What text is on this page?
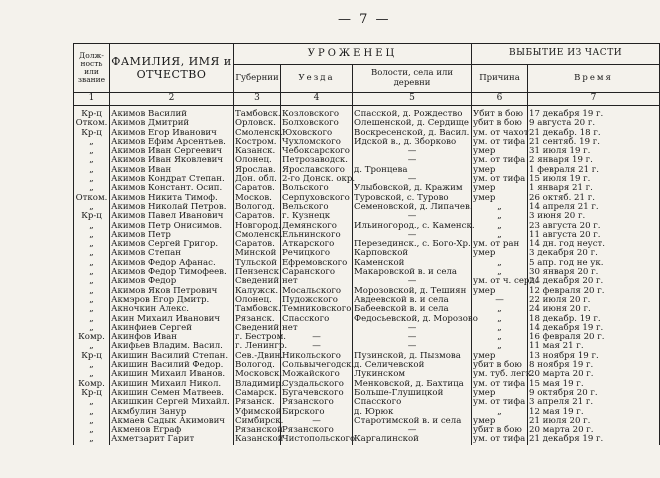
— 7 —
Долж-ность или звание	ФАМИЛИЯ, ИМЯ и ОТЧЕСТВО	УРОЖЕНЕЦ			ВЫБЫТИЕ ИЗ ЧАСТИ	
		Губернии	Уезда	Волости, села или деревни	Причина	Время
1	2	3	4	5	6	7
Кр-ц	Акимов Василий	Тамбовск.	Козловского	Спасской, д. Рождество	Убит в бою	17 декабря 19 г.
Отком.	Акимов Дмитрий	Орловск.	Болховского	Олешенской, д. Сердище	убит в бою	9 августа 20 г.
Кр-ц	Акимов Егор Иванович	Смоленск.	Юховского	Воскресенской, д. Васил.	ум. от чахот	21 декабр. 18 г.
„	Акимов Ефим Арсентьев.	Костром.	Чухломского	Идской в., д. Зборково	ум. от тифа	21 сентяб. 19 г.
„	Акимов Иван Сергеевич	Казанск.	Чебоксарского	—	умер	31 июля 19 г.
„	Акимов Иван Яковлевич	Олонец.	Петрозаводск.	—	ум. от тифа	2 января 19 г.
„	Акимов Иван	Ярослав.	Ярославского	д. Тронцева	умер	1 февраля 21 г.
„	Акимов Кондрат Степан.	Дон. обл.	2-го Донск. окр.	—	ум. от тифа	15 июля 19 г.
„	Акимов Констант. Осип.	Саратов.	Вольского	Улыбовской, д. Кражим	умер	1 января 21 г.
Отком.	Акимов Никита Тимоф.	Москов.	Серпуховского	Туровской, с. Турово	умер	26 октяб. 21 г.
„	Акимов Николай Петров.	Вологод.	Вельского	Семеновской, д. Липачев.	„	14 апреля 21 г.
Кр-ц	Акимов Павел Иванович	Саратов.	г. Кузнецк	—	„	3 июня 20 г.
„	Акимов Петр Онисимов.	Новгород.	Демянского	Ильиногород., с. Каменск.	„	23 августа 20 г.
„	Акимов Петр	Смоленск.	Ельнинского	—	„	11 августа 20 г.
„	Акимов Сергей Григор.	Саратов.	Аткарского	Перезединск., с. Бого-Хр.	ум. от ран	14 дн. год неуст.
„	Акимов Степан	Минской	Речицкого	Карповской	умер	3 декабря 20 г.
„	Акимов Федор Афанас.	Тульской	Ефремовского	Каменской	„	5 апр. год не ук.
„	Акимов Федор Тимофеев.	Пензенск.	Саранского	Макаровской в. и села	„	30 января 20 г.
„	Акимов Федор	Сведений	нет	—	ум. от ч. серд.	24 декабря 20 г.
„	Акимов Яков Петрович	Калужск.	Мосальского	Морозовской, д. Тешиян	умер	12 февраля 20 г.
„	Акмэров Егор Дмитр.	Олонец.	Пудожского	Авдеевской в. и села	—	22 июля 20 г.
„	Акночкин Алекс.	Тамбовск.	Темниковского	Бабеевской в. и села	„	24 июня 20 г.
„	Акин Михаил Иванович	Рязанск.	Спасского	Федосьевской, д. Морозово	„	18 декабр. 19 г.
„	Акинфиев Сергей	Сведений	нет	—	„	14 декабря 19 г.
Комр.	Акинфов Иван	г. Бестром.	—	—	„	16 февраля 20 г.
„	Акифьев Владим. Васил.	г. Ленингр.	—	—	„	11 мая 21 г.
Кр-ц	Акишин Василий Степан.	Сев.-Двин.	Никольского	Пузинской, д. Пызмова	умер	13 ноября 19 г.
„	Акишин Василий Федор.	Вологод.	Сольвычегодск.	д. Селичевской	убит в бою	8 ноября 19 г.
„	Акишин Михаил Иванов.	Московск.	Можайского	Лукинском	ум. туб. легк.	20 марта 20 г.
Комр.	Акишин Михаил Никол.	Владимир.	Суздальского	Менковской, д. Бахтица	ум. от тифа	15 мая 19 г.
Кр-ц	Акишин Семен Матвеев.	Самарск.	Бугачевского	Больше-Глушицкой	умер	9 октября 20 г.
„	Акишкин Сергей Михайл.	Рязанск.	Рязанского	Спасского	ум. от тифа	3 апреля 21 г.
„	Акмбулин Занур	Уфимской	Бирского	д. Юрюк	„	12 мая 19 г.
„	Акмаев Садык Акимович	Симбирск.	—	Старотимской в. и села	умер	21 июля 20 г.
„	Акменов Еграф	Рязанской	Рязанского	—	убит в бою	20 марта 20 г.
„	Ахметзарит Гарит	Казанской	Чистопольского	Каргалинской	ум. от тифа	21 декабря 19 г.
